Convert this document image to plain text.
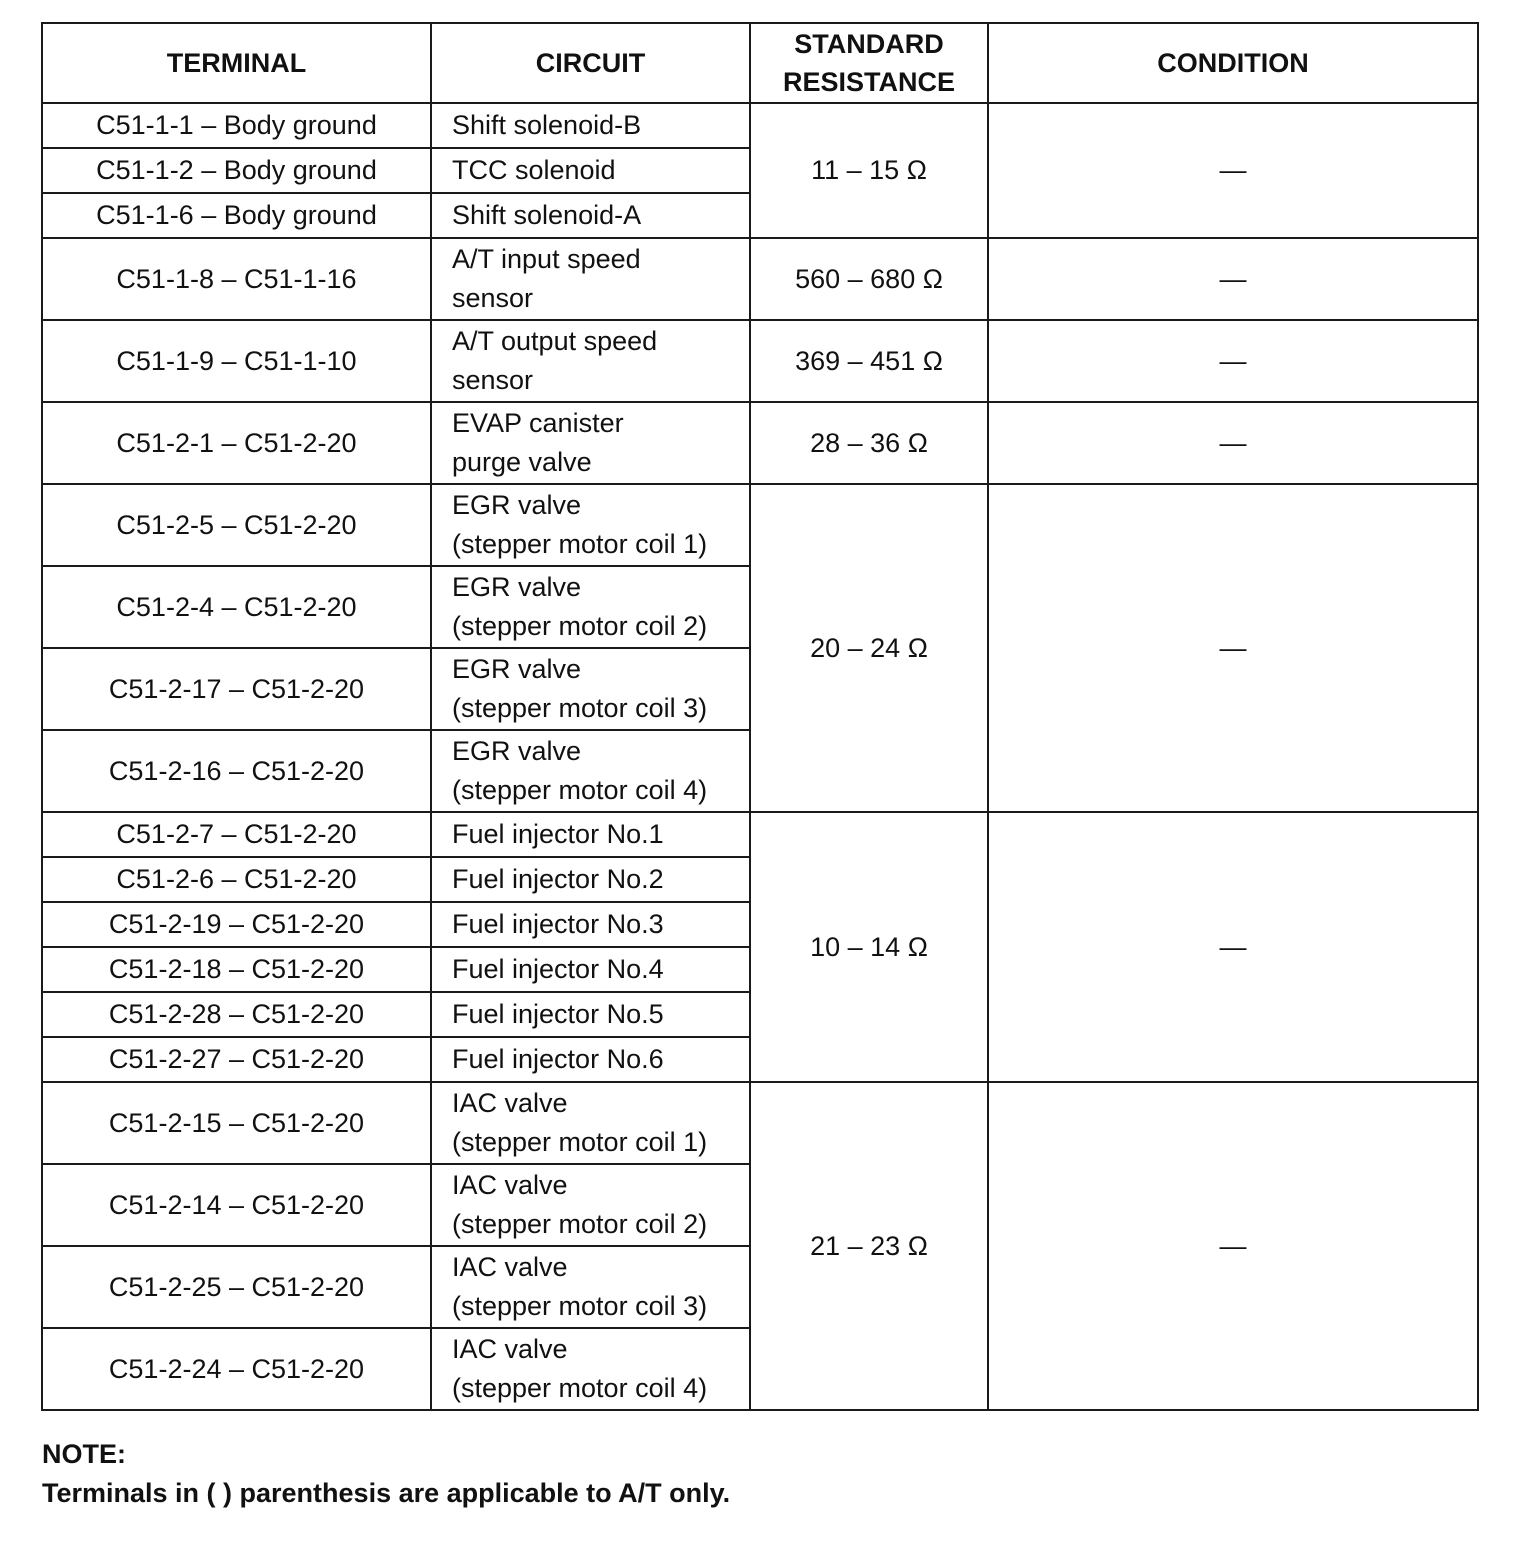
TERMINAL	CIRCUIT	STANDARD
RESISTANCE	CONDITION
C51-1-1 – Body ground	Shift solenoid-B	11 – 15 Ω	—
C51-1-2 – Body ground	TCC solenoid		

C51-1-6 – Body ground	Shift solenoid-A		

C51-1-8 – C51-1-16	A/T input speed
sensor	560 – 680 Ω	—
C51-1-9 – C51-1-10	A/T output speed
sensor	369 – 451 Ω	—
C51-2-1 – C51-2-20	EVAP canister
purge valve	28 – 36 Ω	—
C51-2-5 – C51-2-20	EGR valve
(stepper motor coil 1)	20 – 24 Ω	—
C51-2-4 – C51-2-20	EGR valve
(stepper motor coil 2)		

C51-2-17 – C51-2-20	EGR valve
(stepper motor coil 3)		

C51-2-16 – C51-2-20	EGR valve
(stepper motor coil 4)		

C51-2-7 – C51-2-20	Fuel injector No.1	10 – 14 Ω	—
C51-2-6 – C51-2-20	Fuel injector No.2		

C51-2-19 – C51-2-20	Fuel injector No.3		

C51-2-18 – C51-2-20	Fuel injector No.4		

C51-2-28 – C51-2-20	Fuel injector No.5		

C51-2-27 – C51-2-20	Fuel injector No.6		

C51-2-15 – C51-2-20	IAC valve
(stepper motor coil 1)	21 – 23 Ω	—
C51-2-14 – C51-2-20	IAC valve
(stepper motor coil 2)		

C51-2-25 – C51-2-20	IAC valve
(stepper motor coil 3)		

C51-2-24 – C51-2-20	IAC valve
(stepper motor coil 4)		
NOTE:
Terminals in ( ) parenthesis are applicable to A/T only.
